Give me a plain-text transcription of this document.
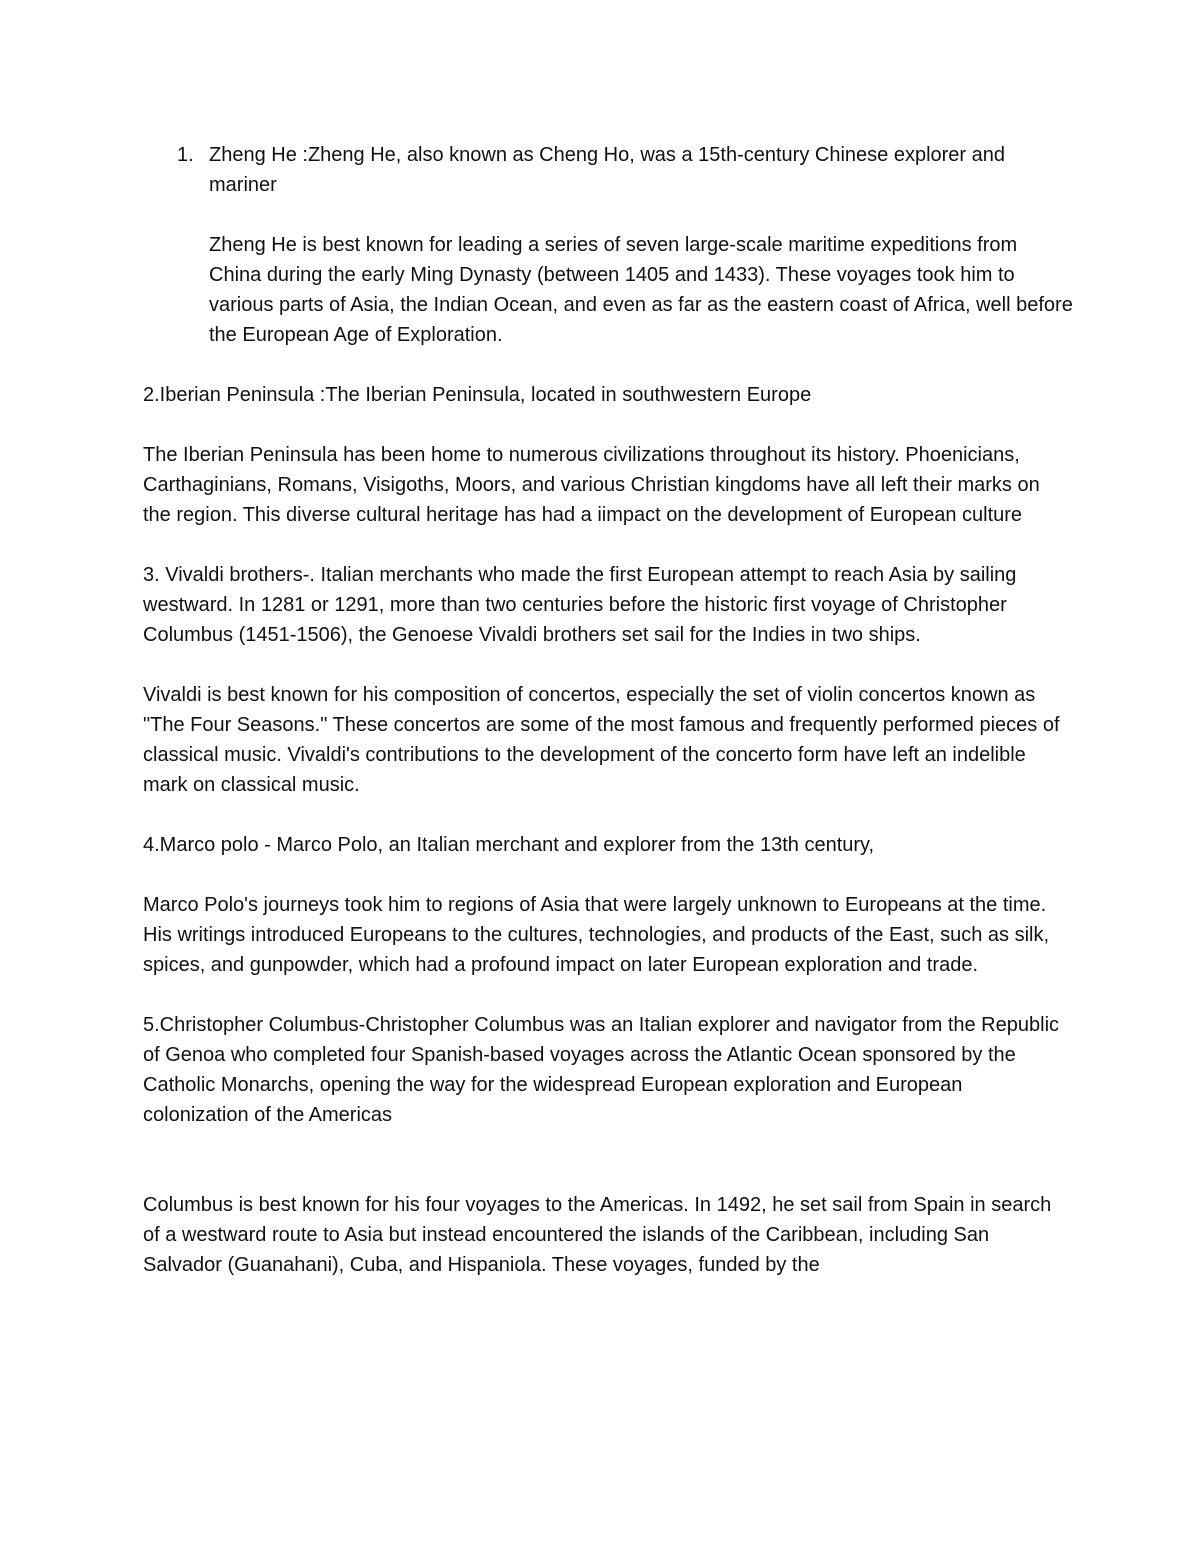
1. Zheng He :Zheng He, also known as Cheng Ho, was a 15th-century Chinese explorer and mariner

Zheng He is best known for leading a series of seven large-scale maritime expeditions from China during the early Ming Dynasty (between 1405 and 1433). These voyages took him to various parts of Asia, the Indian Ocean, and even as far as the eastern coast of Africa, well before the European Age of Exploration.

2.Iberian Peninsula :The Iberian Peninsula, located in southwestern Europe

The Iberian Peninsula has been home to numerous civilizations throughout its history. Phoenicians, Carthaginians, Romans, Visigoths, Moors, and various Christian kingdoms have all left their marks on the region. This diverse cultural heritage has had a iimpact on the development of European culture

3. Vivaldi brothers-. Italian merchants who made the first European attempt to reach Asia by sailing westward. In 1281 or 1291, more than two centuries before the historic first voyage of Christopher Columbus (1451-1506), the Genoese Vivaldi brothers set sail for the Indies in two ships.

Vivaldi is best known for his composition of concertos, especially the set of violin concertos known as "The Four Seasons." These concertos are some of the most famous and frequently performed pieces of classical music. Vivaldi's contributions to the development of the concerto form have left an indelible mark on classical music.

4.Marco polo - Marco Polo, an Italian merchant and explorer from the 13th century,

Marco Polo's journeys took him to regions of Asia that were largely unknown to Europeans at the time. His writings introduced Europeans to the cultures, technologies, and products of the East, such as silk, spices, and gunpowder, which had a profound impact on later European exploration and trade.

5.Christopher Columbus-Christopher Columbus was an Italian explorer and navigator from the Republic of Genoa who completed four Spanish-based voyages across the Atlantic Ocean sponsored by the Catholic Monarchs, opening the way for the widespread European exploration and European colonization of the Americas

Columbus is best known for his four voyages to the Americas. In 1492, he set sail from Spain in search of a westward route to Asia but instead encountered the islands of the Caribbean, including San Salvador (Guanahani), Cuba, and Hispaniola. These voyages, funded by the
